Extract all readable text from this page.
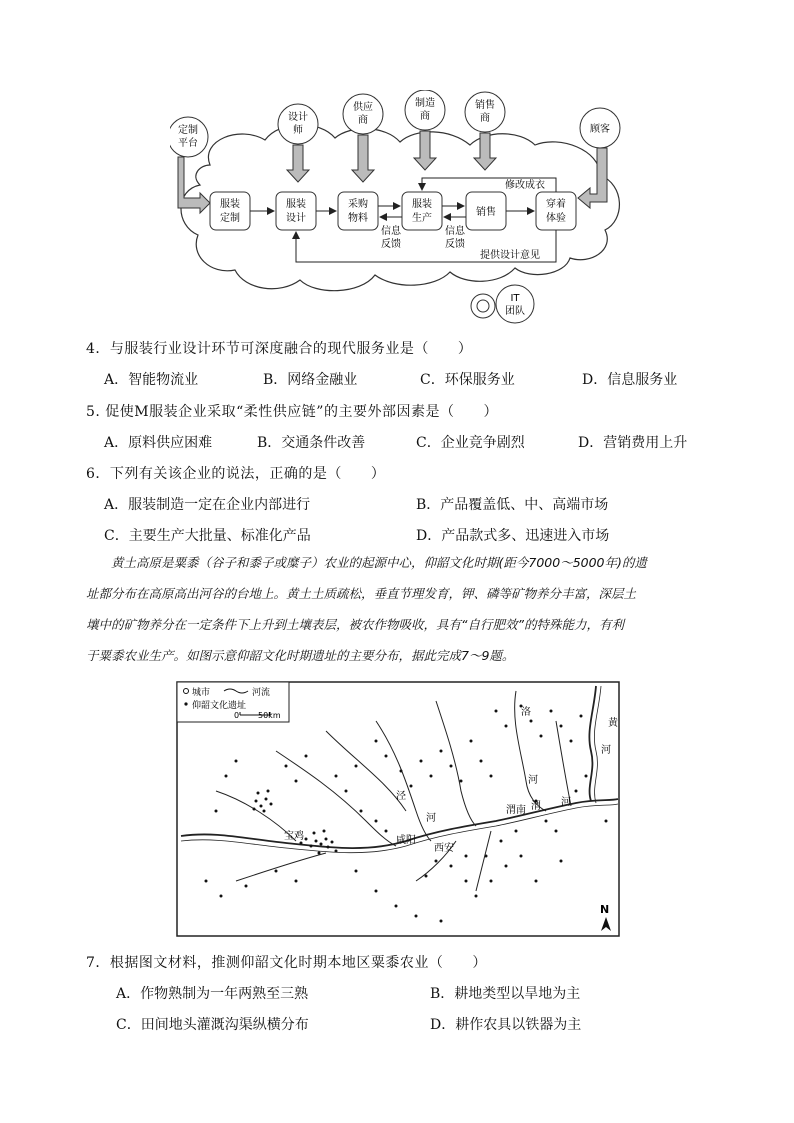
定制
平台
设计
师
供应
商
制造
商
销售
商
顾客
服装
定制
服装
设计
采购
物料
服装
生产
销售
穿着
体验
修改成衣
信息
反馈
信息
反馈
提供设计意见
IT
团队
4．与服装行业设计环节可深度融合的现代服务业是（　　）
A．智能物流业	B．网络金融业	C．环保服务业	D．信息服务业
5. 促使M服装企业采取“柔性供应链”的主要外部因素是（　　）
A．原料供应困难	B．交通条件改善	C．企业竞争剧烈	D．营销费用上升
6．下列有关该企业的说法，正确的是（　　）
A．服装制造一定在企业内部进行	B．产品覆盖低、中、高端市场
C．主要生产大批量、标准化产品	D．产品款式多、迅速进入市场
　　黄土高原是粟黍（谷子和黍子或糜子）农业的起源中心，仰韶文化时期(距今7000～5000年)的遗
址都分布在高原高出河谷的台地上。黄土土质疏松，垂直节理发育，钾、磷等矿物养分丰富，深层土
壤中的矿物养分在一定条件下上升到土壤表层，被农作物吸收，具有“自行肥效”的特殊能力，有利
于粟黍农业生产。如图示意仰韶文化时期遗址的主要分布，据此完成7～9题。
城市	河流
仰韶文化遗址
0 50km	洛
黄
河
河
泾
河
渭南 渭 河
咸阳
西安
宝鸡
N
7．根据图文材料，推测仰韶文化时期本地区粟黍农业（　　）
A．作物熟制为一年两熟至三熟	B．耕地类型以旱地为主
C．田间地头灌溉沟渠纵横分布	D．耕作农具以铁器为主
